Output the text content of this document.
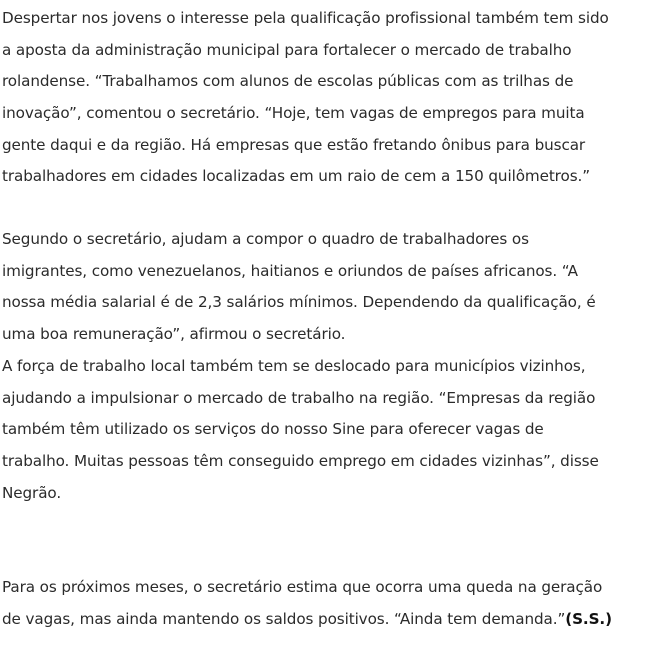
Despertar nos jovens o interesse pela qualificação profissional também tem sido
a aposta da administração municipal para fortalecer o mercado de trabalho
rolandense. “Trabalhamos com alunos de escolas públicas com as trilhas de
inovação”, comentou o secretário. “Hoje, tem vagas de empregos para muita
gente daqui e da região. Há empresas que estão fretando ônibus para buscar
trabalhadores em cidades localizadas em um raio de cem a 150 quilômetros.”

Segundo o secretário, ajudam a compor o quadro de trabalhadores os
imigrantes, como venezuelanos, haitianos e oriundos de países africanos. “A
nossa média salarial é de 2,3 salários mínimos. Dependendo da qualificação, é
uma boa remuneração”, afirmou o secretário.

A força de trabalho local também tem se deslocado para municípios vizinhos,
ajudando a impulsionar o mercado de trabalho na região. “Empresas da região
também têm utilizado os serviços do nosso Sine para oferecer vagas de
trabalho. Muitas pessoas têm conseguido emprego em cidades vizinhas”, disse
Negrão.

Para os próximos meses, o secretário estima que ocorra uma queda na geração
de vagas, mas ainda mantendo os saldos positivos. “Ainda tem demanda.”(S.S.)
